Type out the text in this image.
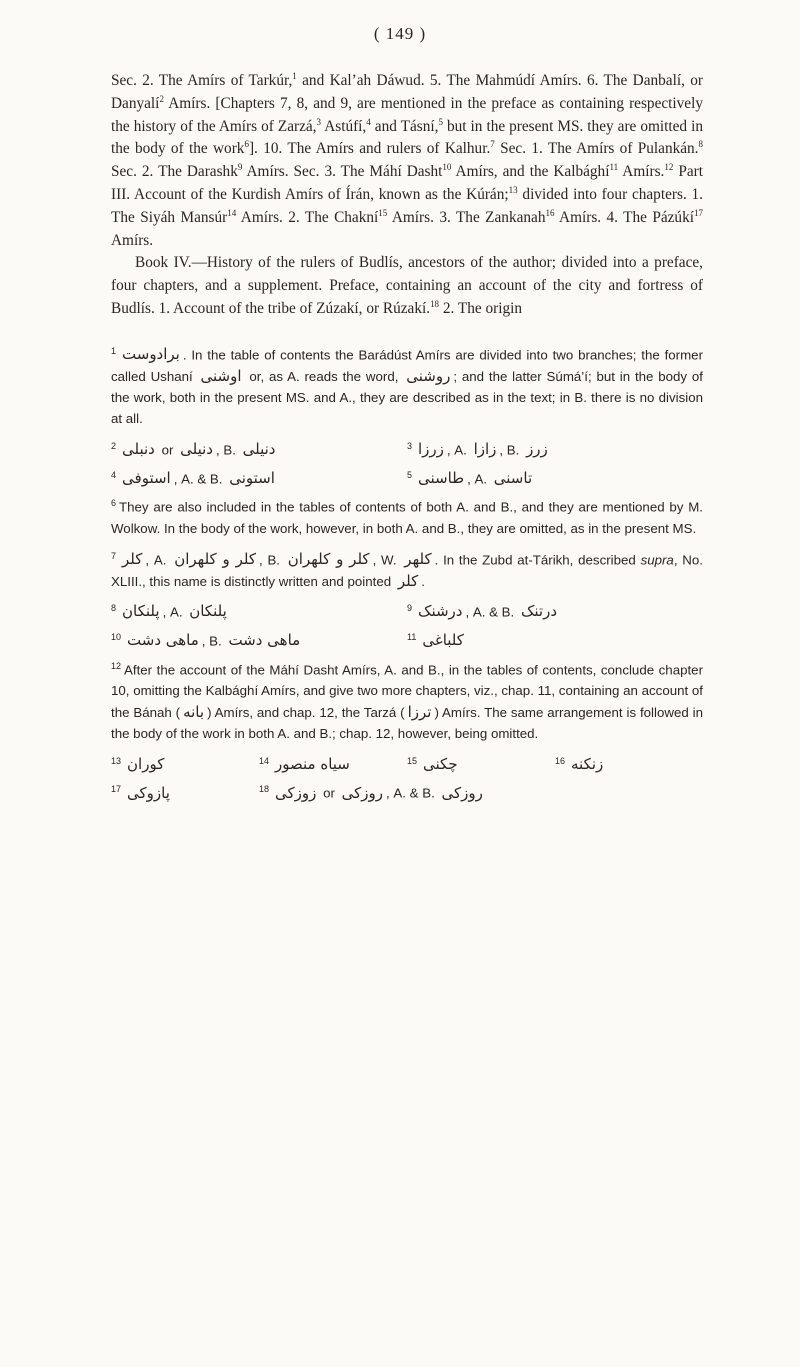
( 149 )

Sec. 2. The Amírs of Tarkúr,$^1$ and Kal’ah Dáwud. 5. The Mahmúdí Amírs. 6. The Danbalí, or Danyalí$^2$ Amírs. [Chapters 7, 8, and 9, are mentioned in the preface as containing respectively the history of the Amírs of Zarzá,$^3$ Astúfí,$^4$ and Tásní,$^5$ but in the present MS. they are omitted in the body of the work$^6$]. 10. The Amírs and rulers of Kalhur.$^7$ Sec. 1. The Amírs of Pulankán.$^8$ Sec. 2. The Darashk$^9$ Amírs. Sec. 3. The Máhí Dasht$^{10}$ Amírs, and the Kalbághí$^{11}$ Amírs.$^{12}$ Part III. Account of the Kurdish Amírs of Írán, known as the Kúrán;$^{13}$ divided into four chapters. 1. The Siyáh Mansúr$^{14}$ Amírs. 2. The Chakní$^{15}$ Amírs. 3. The Zankanah$^{16}$ Amírs. 4. The Pázúkí$^{17}$ Amírs.

Book IV.—History of the rulers of Budlís, ancestors of the author; divided into a preface, four chapters, and a supplement. Preface, containing an account of the city and fortress of Budlís. 1. Account of the tribe of Zúzakí, or Rúzakí.$^{18}$ 2. The origin

$^1$ برادوست . In the table of contents the Barádúst Amírs are divided into two branches; the former called Ushaní اوشنی or, as A. reads the word, روشنی ; and the latter Súmá’í; but in the body of the work, both in the present MS. and A., they are described as in the text; in B. there is no division at all.

$^2$ دنبلی or دنیلی , B. دنیلی	$^3$ زرزا , A. زازا , B. زرز
$^4$ استوفی , A. & B. استونی	$^5$ طاسنی , A. تاسنی

$^6$ They are also included in the tables of contents of both A. and B., and they are mentioned by M. Wolkow. In the body of the work, however, in both A. and B., they are omitted, as in the present MS.

$^7$ کلر , A. کلر و کلهران , B. کلر و کلهران , W. کلهر . In the Zubd at-Tárikh, described supra, No. XLIII., this name is distinctly written and pointed کلر .

$^8$ پلنکان , A. پلنکان	$^9$ درشنک , A. & B. درتنک
$^{10}$ ماهی دشت , B. ماهی دشت	$^{11}$ کلباغی

$^{12}$ After the account of the Máhí Dasht Amírs, A. and B., in the tables of contents, conclude chapter 10, omitting the Kalbághí Amírs, and give two more chapters, viz., chap. 11, containing an account of the Bánah ( بانه ) Amírs, and chap. 12, the Tarzá ( ترزا ) Amírs. The same arrangement is followed in the body of the work in both A. and B.; chap. 12, however, being omitted.

$^{13}$ کوران	$^{14}$ سیاه منصور	$^{15}$ چکنی	$^{16}$ زنکنه
$^{17}$ پازوکی	$^{18}$ زوزکی or روزکی , A. & B. روزکی
